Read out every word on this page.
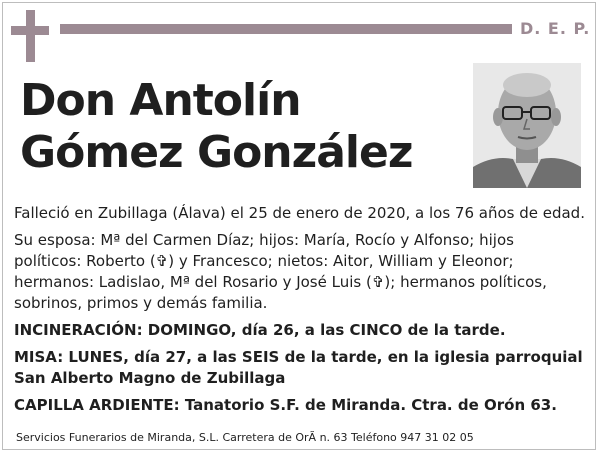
D. E. P.
Don Antolín Gómez González

Falleció en Zubillaga (Álava) el 25 de enero de 2020, a los 76 años de edad.

Su esposa: Mª del Carmen Díaz; hijos: María, Rocío y Alfonso; hijos políticos: Roberto (✞) y Francesco; nietos: Aitor, William y Eleonor; hermanos: Ladislao, Mª del Rosario y José Luis (✞); hermanos políticos, sobrinos, primos y demás familia.

INCINERACIÓN: DOMINGO, día 26, a las CINCO de la tarde.

MISA: LUNES, día 27, a las SEIS de la tarde, en la iglesia parroquial San Alberto Magno de Zubillaga

CAPILLA ARDIENTE: Tanatorio S.F. de Miranda. Ctra. de Orón 63.

Servicios Funerarios de Miranda, S.L. Carretera de OrÃ n. 63 Teléfono 947 31 02 05
